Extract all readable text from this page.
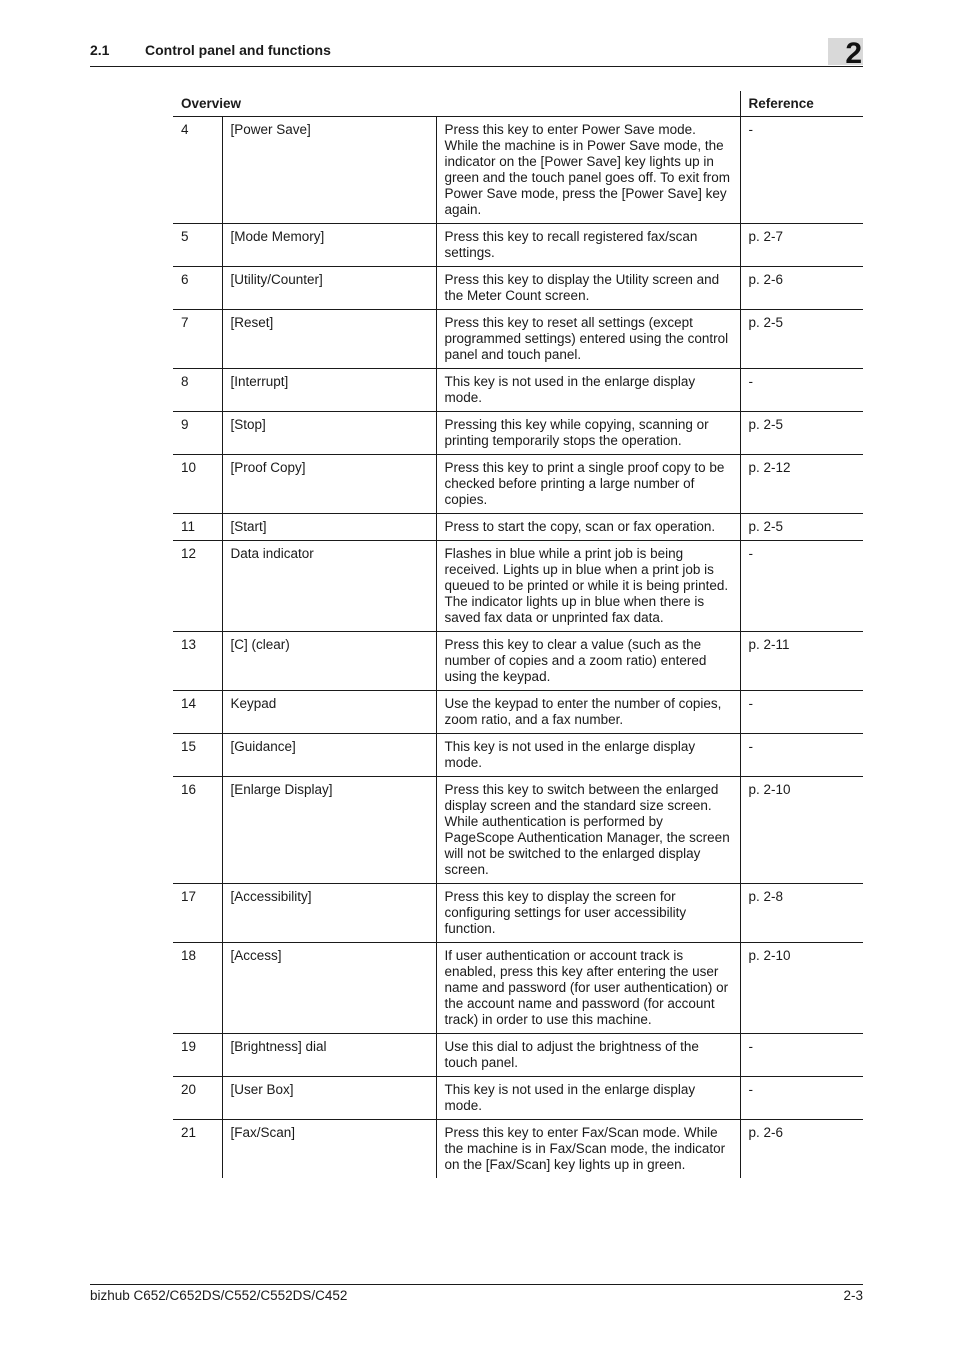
2.1	Control panel and functions	2
Overview			Reference
4	[Power Save]	Press this key to enter Power Save mode. While the machine is in Power Save mode, the indicator on the [Power Save] key lights up in green and the touch panel goes off. To exit from Power Save mode, press the [Power Save] key again.	-
5	[Mode Memory]	Press this key to recall registered fax/scan settings.	p. 2-7
6	[Utility/Counter]	Press this key to display the Utility screen and the Meter Count screen.	p. 2-6
7	[Reset]	Press this key to reset all settings (except programmed settings) entered using the control panel and touch panel.	p. 2-5
8	[Interrupt]	This key is not used in the enlarge display mode.	-
9	[Stop]	Pressing this key while copying, scanning or printing temporarily stops the operation.	p. 2-5
10	[Proof Copy]	Press this key to print a single proof copy to be checked before printing a large number of copies.	p. 2-12
11	[Start]	Press to start the copy, scan or fax operation.	p. 2-5
12	Data indicator	Flashes in blue while a print job is being received. Lights up in blue when a print job is queued to be printed or while it is being printed. The indicator lights up in blue when there is saved fax data or unprinted fax data.	-
13	[C] (clear)	Press this key to clear a value (such as the number of copies and a zoom ratio) entered using the keypad.	p. 2-11
14	Keypad	Use the keypad to enter the number of copies, zoom ratio, and a fax number.	-
15	[Guidance]	This key is not used in the enlarge display mode.	-
16	[Enlarge Display]	Press this key to switch between the enlarged display screen and the standard size screen. While authentication is performed by PageScope Authentication Manager, the screen will not be switched to the enlarged display screen.	p. 2-10
17	[Accessibility]	Press this key to display the screen for configuring settings for user accessibility function.	p. 2-8
18	[Access]	If user authentication or account track is enabled, press this key after entering the user name and password (for user authentication) or the account name and password (for account track) in order to use this machine.	p. 2-10
19	[Brightness] dial	Use this dial to adjust the brightness of the touch panel.	-
20	[User Box]	This key is not used in the enlarge display mode.	-
21	[Fax/Scan]	Press this key to enter Fax/Scan mode. While the machine is in Fax/Scan mode, the indicator on the [Fax/Scan] key lights up in green.	p. 2-6
bizhub C652/C652DS/C552/C552DS/C452	2-3
